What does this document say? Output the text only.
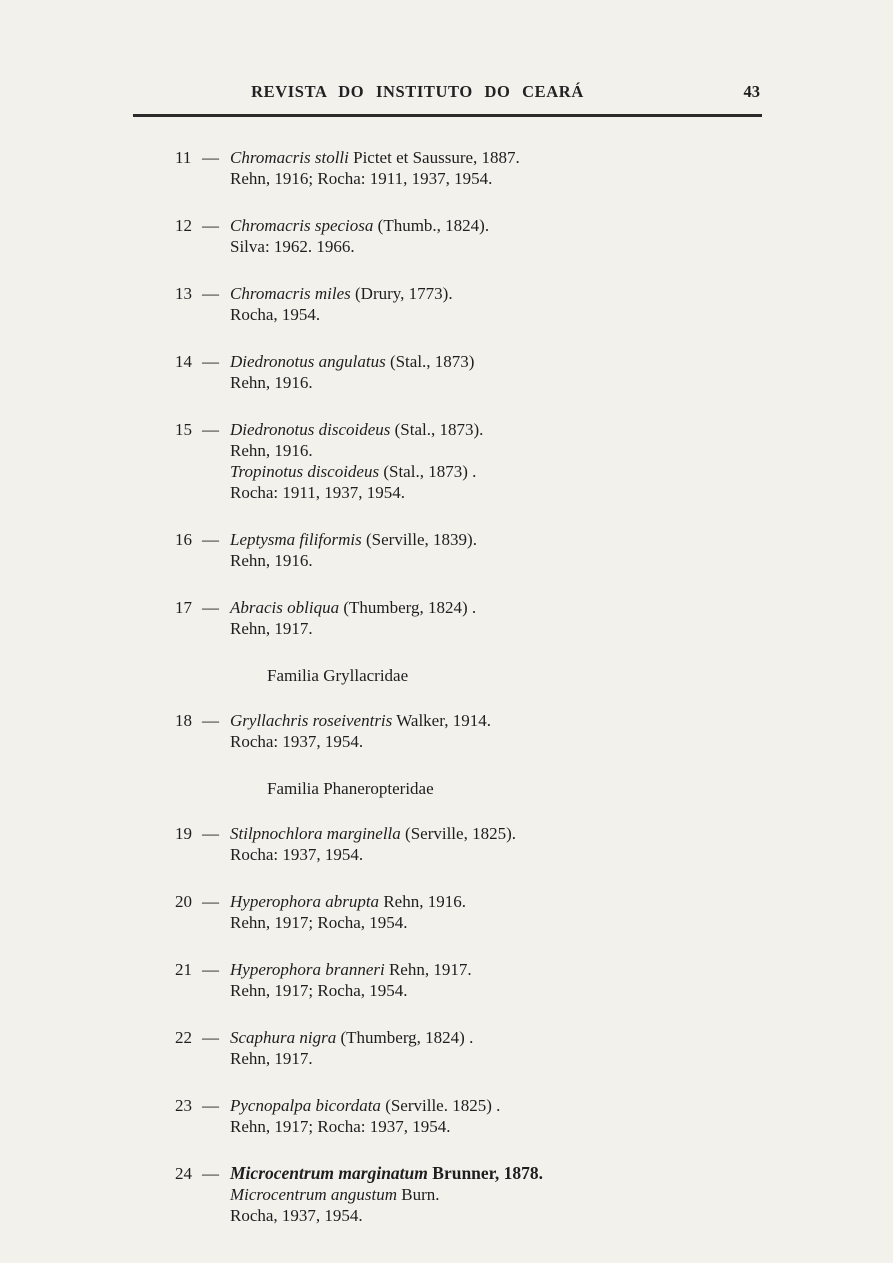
REVISTA DO INSTITUTO DO CEARÁ	43
11 — Chromacris stolli Pictet et Saussure, 1887.
Rehn, 1916; Rocha: 1911, 1937, 1954.
12 — Chromacris speciosa (Thumb., 1824).
Silva: 1962. 1966.
13 — Chromacris miles (Drury, 1773).
Rocha, 1954.
14 — Diedronotus angulatus (Stal., 1873)
Rehn, 1916.
15 — Diedronotus discoideus (Stal., 1873).
Rehn, 1916.
Tropinotus discoideus (Stal., 1873) .
Rocha: 1911, 1937, 1954.
16 — Leptysma filiformis (Serville, 1839).
Rehn, 1916.
17 — Abracis obliqua (Thumberg, 1824) .
Rehn, 1917.
Familia Gryllacridae
18 — Gryllachris roseiventris Walker, 1914.
Rocha: 1937, 1954.
Familia Phaneropteridae
19 — Stilpnochlora marginella (Serville, 1825).
Rocha: 1937, 1954.
20 — Hyperophora abrupta Rehn, 1916.
Rehn, 1917; Rocha, 1954.
21 — Hyperophora branneri Rehn, 1917.
Rehn, 1917; Rocha, 1954.
22 — Scaphura nigra (Thumberg, 1824) .
Rehn, 1917.
23 — Pycnopalpa bicordata (Serville. 1825) .
Rehn, 1917; Rocha: 1937, 1954.
24 — Microcentrum marginatum Brunner, 1878.
Microcentrum angustum Burn.
Rocha, 1937, 1954.
